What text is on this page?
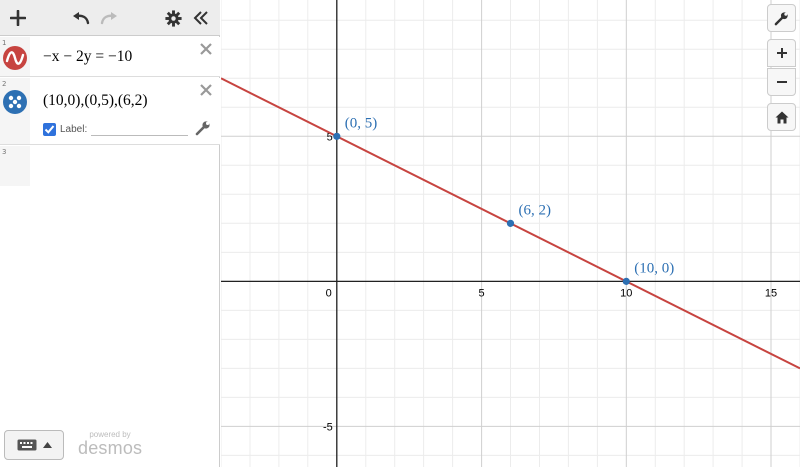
1
−x − 2y = −10
2
(10,0),(0,5),(6,2)
Label:
3
powered by
desmos
0	5	10	15
5
-5
(10, 0)
(0, 5)
(6, 2)
